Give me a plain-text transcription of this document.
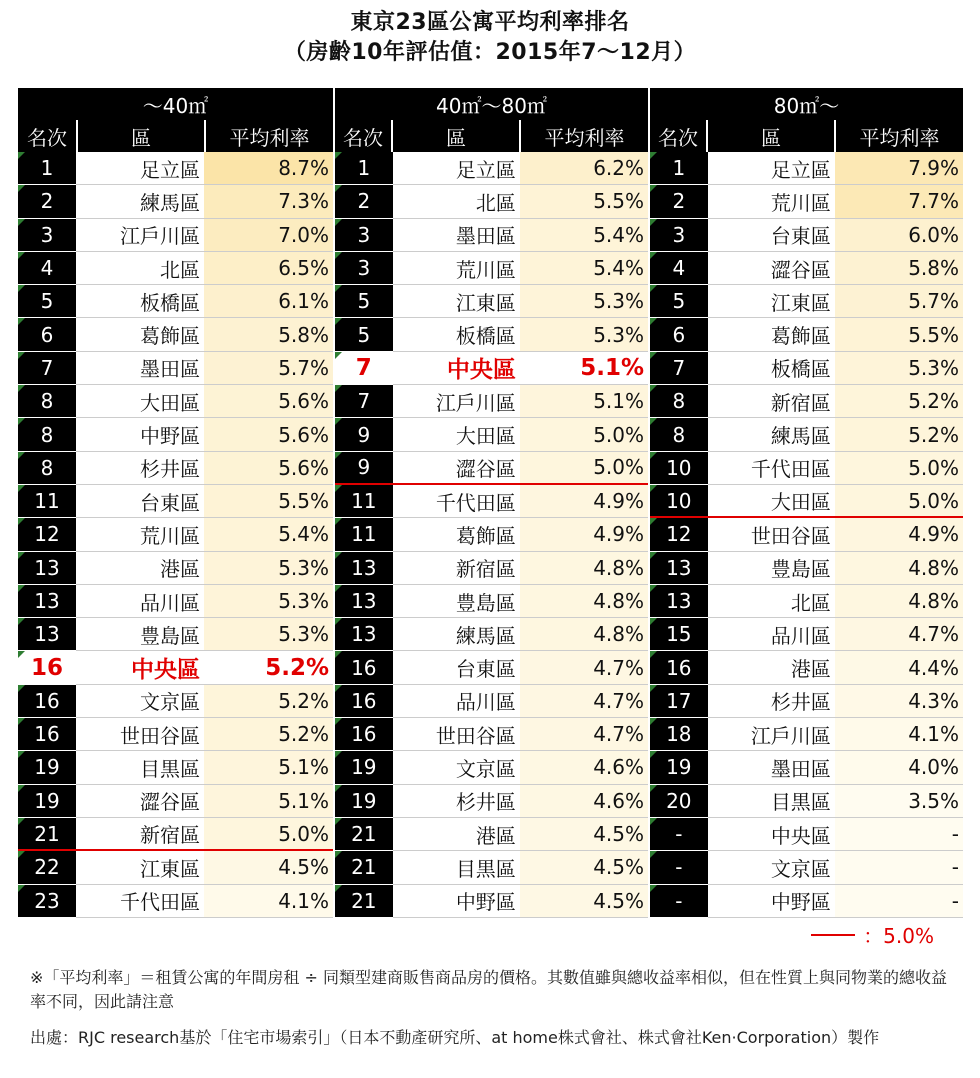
東京23區公寓平均利率排名
（房齡10年評估值：2015年7～12月）
～40㎡	40㎡～80㎡	80㎡～
名次	區	平均利率	名次	區	平均利率	名次	區	平均利率
1	足立區	8.7%	1	足立區	6.2%	1	足立區	7.9%
2	練馬區	7.3%	2	北區	5.5%	2	荒川區	7.7%
3	江戶川區	7.0%	3	墨田區	5.4%	3	台東區	6.0%
4	北區	6.5%	3	荒川區	5.4%	4	澀谷區	5.8%
5	板橋區	6.1%	5	江東區	5.3%	5	江東區	5.7%
6	葛飾區	5.8%	5	板橋區	5.3%	6	葛飾區	5.5%
7	墨田區	5.7%	7	中央區	5.1%	7	板橋區	5.3%
8	大田區	5.6%	7	江戶川區	5.1%	8	新宿區	5.2%
8	中野區	5.6%	9	大田區	5.0%	8	練馬區	5.2%
8	杉井區	5.6%	9	澀谷區	5.0%	10	千代田區	5.0%
11	台東區	5.5%	11	千代田區	4.9%	10	大田區	5.0%
12	荒川區	5.4%	11	葛飾區	4.9%	12	世田谷區	4.9%
13	港區	5.3%	13	新宿區	4.8%	13	豊島區	4.8%
13	品川區	5.3%	13	豊島區	4.8%	13	北區	4.8%
13	豊島區	5.3%	13	練馬區	4.8%	15	品川區	4.7%
16	中央區	5.2%	16	台東區	4.7%	16	港區	4.4%
16	文京區	5.2%	16	品川區	4.7%	17	杉井區	4.3%
16	世田谷區	5.2%	16	世田谷區	4.7%	18	江戶川區	4.1%
19	目黒區	5.1%	19	文京區	4.6%	19	墨田區	4.0%
19	澀谷區	5.1%	19	杉井區	4.6%	20	目黒區	3.5%
21	新宿區	5.0%	21	港區	4.5%	-	中央區	-
22	江東區	4.5%	21	目黒區	4.5%	-	文京區	-
23	千代田區	4.1%	21	中野區	4.5%	-	中野區	-
：5.0%
※「平均利率」＝租賃公寓的年間房租 ÷ 同類型建商販售商品房的價格。其數值雖與總收益率相似，但在性質上與同物業的總收益率不同，因此請注意
出處：RJC research基於「住宅市場索引」（日本不動產研究所、at home株式會社、株式會社Ken·Corporation）製作
